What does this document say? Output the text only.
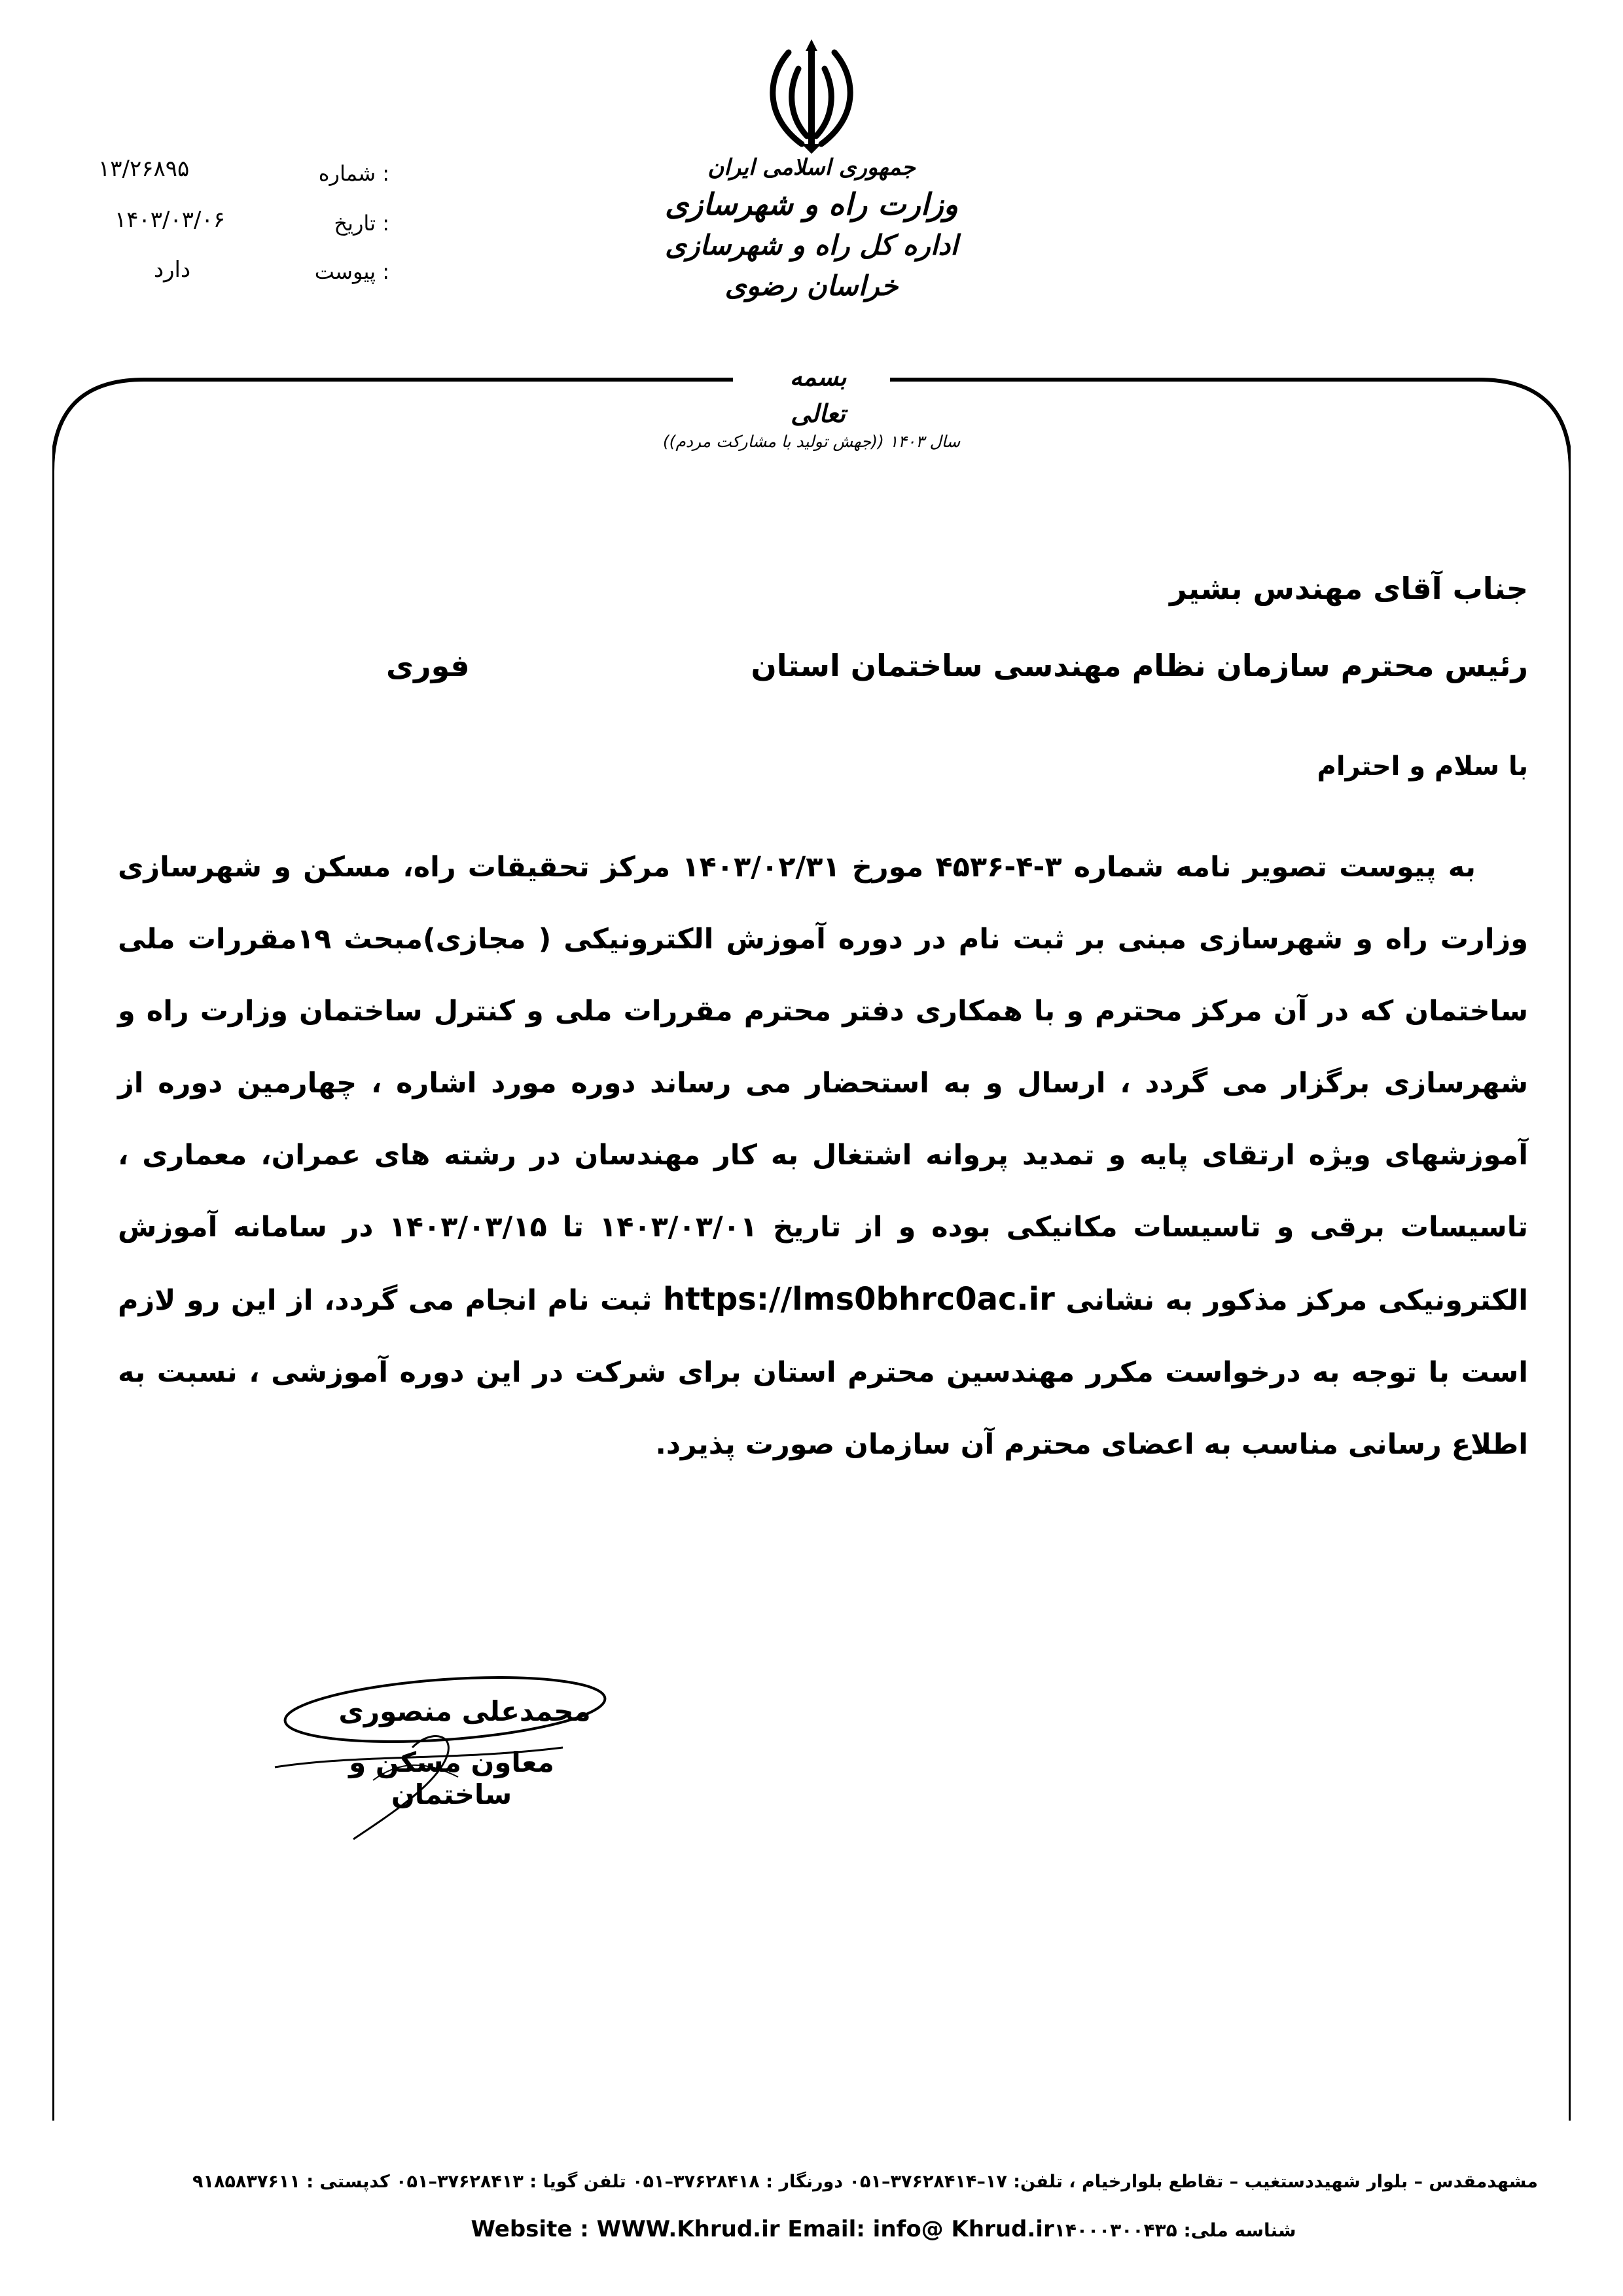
جمهوری اسلامی ایران
وزارت راه و شهرسازی
اداره کل راه و شهرسازی خراسان رضوی
شماره :
۱۳/۲۶۸۹۵
تاریخ :
۱۴۰۳/۰۳/۰۶
پیوست :
دارد
بسمه تعالی
سال ۱۴۰۳ ((جهش تولید با مشارکت مردم))
جناب آقای مهندس بشیر
رئیس محترم سازمان نظام مهندسی ساختمان استان
فوری
با سلام و احترام
به پیوست تصویر نامه شماره ۳-۴-۴۵۳۶ مورخ ۱۴۰۳/۰۲/۳۱ مرکز تحقیقات راه، مسکن و شهرسازی وزارت راه و شهرسازی مبنی بر ثبت نام در دوره آموزش الکترونیکی ( مجازی)مبحث ۱۹مقررات ملی ساختمان که در آن مرکز محترم و با همکاری دفتر محترم مقررات ملی و کنترل ساختمان وزارت راه و شهرسازی برگزار می گردد ، ارسال و به استحضار می رساند دوره مورد اشاره ، چهارمین دوره از آموزشهای ویژه ارتقای پایه و تمدید پروانه اشتغال به کار مهندسان در رشته های عمران، معماری ، تاسیسات برقی و تاسیسات مکانیکی بوده و از تاریخ ۱۴۰۳/۰۳/۰۱ تا ۱۴۰۳/۰۳/۱۵ در سامانه آموزش الکترونیکی مرکز مذکور به نشانی https://lms0bhrc0ac.ir ثبت نام انجام می گردد، از این رو لازم است با توجه به درخواست مکرر مهندسین محترم استان برای شرکت در این دوره آموزشی ، نسبت به اطلاع رسانی مناسب به اعضای محترم آن سازمان صورت پذیرد.
محمدعلی منصوری
معاون مسکن و ساختمان
مشهدمقدس – بلوار شهیددستغیب – تقاطع بلوارخیام ، تلفن: ۱۷–۳۷۶۲۸۴۱۴–۰۵۱ دورنگار : ۳۷۶۲۸۴۱۸–۰۵۱ تلفن گویا : ۳۷۶۲۸۴۱۳–۰۵۱ کدپستی : ۹۱۸۵۸۳۷۶۱۱
Website : WWW.Khrud.ir Email: info@ Khrud.irشناسه ملی: ۱۴۰۰۰۳۰۰۴۳۵
